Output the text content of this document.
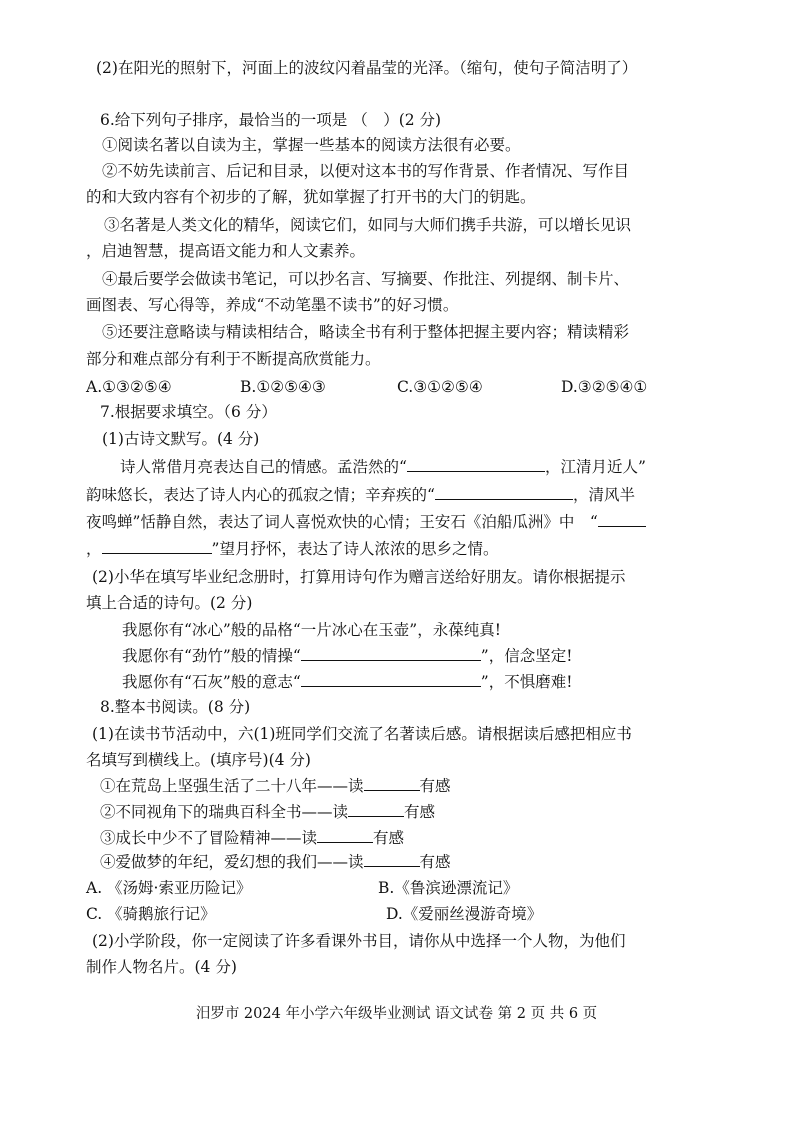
(2)在阳光的照射下，河面上的波纹闪着晶莹的光泽。（缩句，使句子简洁明了）
6.给下列句子排序，最恰当的一项是 （　）(2 分)
①阅读名著以自读为主，掌握一些基本的阅读方法很有必要。
②不妨先读前言、后记和目录，以便对这本书的写作背景、作者情况、写作目
的和大致内容有个初步的了解，犹如掌握了打开书的大门的钥匙。
③名著是人类文化的精华，阅读它们，如同与大师们携手共游，可以增长见识
，启迪智慧，提高语文能力和人文素养。
④最后要学会做读书笔记，可以抄名言、写摘要、作批注、列提纲、制卡片、
画图表、写心得等，养成“不动笔墨不读书”的好习惯。
⑤还要注意略读与精读相结合，略读全书有利于整体把握主要内容；精读精彩
部分和难点部分有利于不断提高欣赏能力。
A.①③②⑤④	B.①②⑤④③	C.③①②⑤④	D.③②⑤④①
7.根据要求填空。（6 分）
(1)古诗文默写。(4 分)
诗人常借月亮表达自己的情感。孟浩然的“	，江清月近人”
韵味悠长，表达了诗人内心的孤寂之情；辛弃疾的“	，清风半
夜鸣蝉”恬静自然，表达了词人喜悦欢快的心情；王安石《泊船瓜洲》中　“
，	”望月抒怀，表达了诗人浓浓的思乡之情。
(2)小华在填写毕业纪念册时，打算用诗句作为赠言送给好朋友。请你根据提示
填上合适的诗句。(2 分)
我愿你有“冰心”般的品格“一片冰心在玉壶”，永葆纯真!
我愿你有“劲竹”般的情操“	”，信念坚定!
我愿你有“石灰”般的意志“	”，不惧磨难!
8.整本书阅读。(8 分)
(1)在读书节活动中，六(1)班同学们交流了名著读后感。请根据读后感把相应书
名填写到横线上。(填序号)(4 分)
①在荒岛上坚强生活了二十八年——读	有感
②不同视角下的瑞典百科全书——读	有感
③成长中少不了冒险精神——读	有感
④爱做梦的年纪，爱幻想的我们——读	有感
A. 《汤姆·索亚历险记》	B.《鲁滨逊漂流记》
C. 《骑鹅旅行记》	D.《爱丽丝漫游奇境》
(2)小学阶段，你一定阅读了许多看课外书目，请你从中选择一个人物，为他们
制作人物名片。(4 分)
汨罗市 2024 年小学六年级毕业测试 语文试卷 第 2 页 共 6 页
